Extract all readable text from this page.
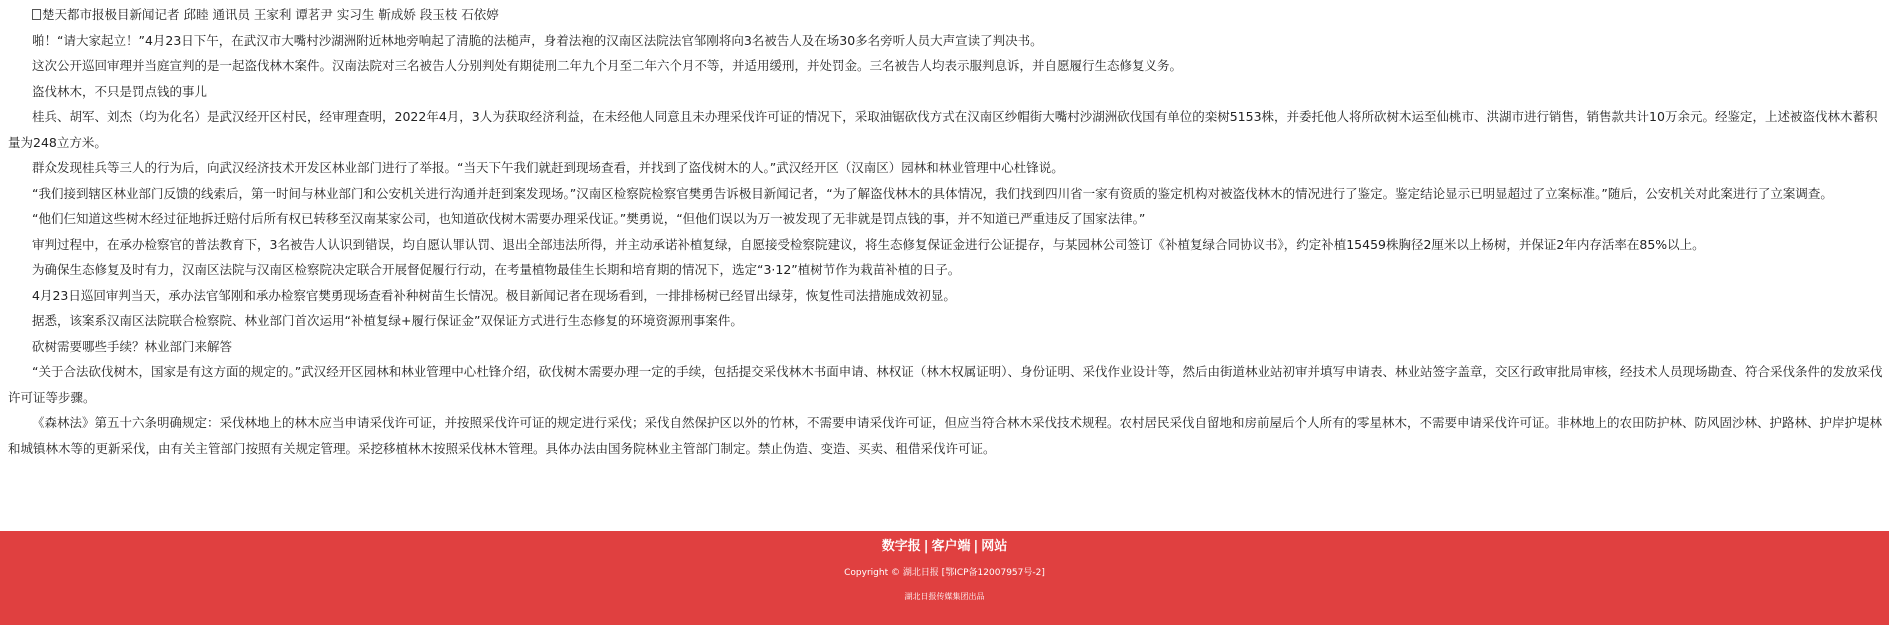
楚天都市报极目新闻记者 邱睦 通讯员 王家利 谭茗尹 实习生 靳成娇 段玉枝 石依婷

啪！“请大家起立！”4月23日下午，在武汉市大嘴村沙湖洲附近林地旁响起了清脆的法槌声，身着法袍的汉南区法院法官邹刚将向3名被告人及在场30多名旁听人员大声宣读了判决书。

这次公开巡回审理并当庭宣判的是一起盗伐林木案件。汉南法院对三名被告人分别判处有期徒刑二年九个月至二年六个月不等，并适用缓刑，并处罚金。三名被告人均表示服判息诉，并自愿履行生态修复义务。

盗伐林木，不只是罚点钱的事儿

桂兵、胡军、刘杰（均为化名）是武汉经开区村民，经审理查明，2022年4月，3人为获取经济利益，在未经他人同意且未办理采伐许可证的情况下，采取油锯砍伐方式在汉南区纱帽街大嘴村沙湖洲砍伐国有单位的栾树5153株，并委托他人将所砍树木运至仙桃市、洪湖市进行销售，销售款共计10万余元。经鉴定，上述被盗伐林木蓄积量为248立方米。

群众发现桂兵等三人的行为后，向武汉经济技术开发区林业部门进行了举报。“当天下午我们就赶到现场查看，并找到了盗伐树木的人。”武汉经开区（汉南区）园林和林业管理中心杜锋说。

“我们接到辖区林业部门反馈的线索后，第一时间与林业部门和公安机关进行沟通并赶到案发现场。”汉南区检察院检察官樊勇告诉极目新闻记者，“为了解盗伐林木的具体情况，我们找到四川省一家有资质的鉴定机构对被盗伐林木的情况进行了鉴定。鉴定结论显示已明显超过了立案标准。”随后，公安机关对此案进行了立案调查。

“他们仨知道这些树木经过征地拆迁赔付后所有权已转移至汉南某家公司，也知道砍伐树木需要办理采伐证。”樊勇说，“但他们误以为万一被发现了无非就是罚点钱的事，并不知道已严重违反了国家法律。”

审判过程中，在承办检察官的普法教育下，3名被告人认识到错误，均自愿认罪认罚、退出全部违法所得，并主动承诺补植复绿，自愿接受检察院建议，将生态修复保证金进行公证提存，与某园林公司签订《补植复绿合同协议书》，约定补植15459株胸径2厘米以上杨树，并保证2年内存活率在85%以上。

为确保生态修复及时有力，汉南区法院与汉南区检察院决定联合开展督促履行行动，在考量植物最佳生长期和培育期的情况下，选定“3·12”植树节作为栽苗补植的日子。

4月23日巡回审判当天，承办法官邹刚和承办检察官樊勇现场查看补种树苗生长情况。极目新闻记者在现场看到，一排排杨树已经冒出绿芽，恢复性司法措施成效初显。

据悉，该案系汉南区法院联合检察院、林业部门首次运用“补植复绿+履行保证金”双保证方式进行生态修复的环境资源刑事案件。

砍树需要哪些手续？林业部门来解答

“关于合法砍伐树木，国家是有这方面的规定的。”武汉经开区园林和林业管理中心杜锋介绍，砍伐树木需要办理一定的手续，包括提交采伐林木书面申请、林权证（林木权属证明）、身份证明、采伐作业设计等，然后由街道林业站初审并填写申请表、林业站签字盖章，交区行政审批局审核，经技术人员现场勘查、符合采伐条件的发放采伐许可证等步骤。

《森林法》第五十六条明确规定：采伐林地上的林木应当申请采伐许可证，并按照采伐许可证的规定进行采伐；采伐自然保护区以外的竹林，不需要申请采伐许可证，但应当符合林木采伐技术规程。农村居民采伐自留地和房前屋后个人所有的零星林木，不需要申请采伐许可证。非林地上的农田防护林、防风固沙林、护路林、护岸护堤林和城镇林木等的更新采伐，由有关主管部门按照有关规定管理。采挖移植林木按照采伐林木管理。具体办法由国务院林业主管部门制定。禁止伪造、变造、买卖、租借采伐许可证。

数字报 | 客户端 | 网站
Copyright © 湖北日报 [鄂ICP备12007957号-2]
湖北日报传媒集团出品
